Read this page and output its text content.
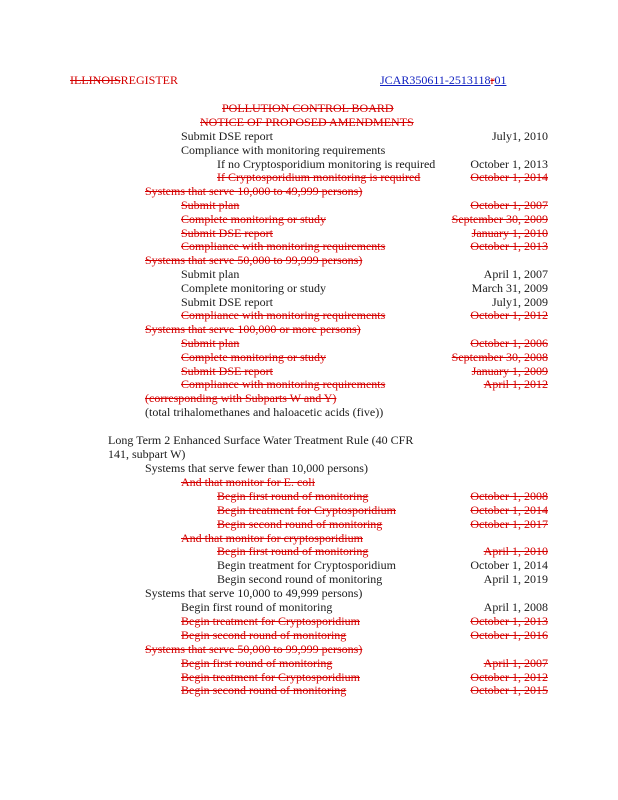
ILLINOISREGISTER	JCAR350611-2513118r01
POLLUTION CONTROL BOARD
NOTICE OF PROPOSED AMENDMENTS
Submit DSE report	July1, 2010
Compliance with monitoring requirements
If no Cryptosporidium monitoring is required	October 1, 2013
If Cryptosporidium monitoring is required	October 1, 2014
Systems that serve 10,000 to 49,999 persons)
Submit plan	October 1, 2007
Complete monitoring or study	September 30, 2009
Submit DSE report	January 1, 2010
Compliance with monitoring requirements	October 1, 2013
Systems that serve 50,000 to 99,999 persons)
Submit plan	April 1, 2007
Complete monitoring or study	March 31, 2009
Submit DSE report	July1, 2009
Compliance with monitoring requirements	October 1, 2012
Systems that serve 100,000 or more persons)
Submit plan	October 1, 2006
Complete monitoring or study	September 30, 2008
Submit DSE report	January 1, 2009
Compliance with monitoring requirements	April 1, 2012
(corresponding with Subparts W and Y)
(total trihalomethanes and haloacetic acids (five))
Long Term 2 Enhanced Surface Water Treatment Rule (40 CFR
141, subpart W)
Systems that serve fewer than 10,000 persons)
And that monitor for E. coli
Begin first round of monitoring	October 1, 2008
Begin treatment for Cryptosporidium	October 1, 2014
Begin second round of monitoring	October 1, 2017
And that monitor for cryptosporidium
Begin first round of monitoring	April 1, 2010
Begin treatment for Cryptosporidium	October 1, 2014
Begin second round of monitoring	April 1, 2019
Systems that serve 10,000 to 49,999 persons)
Begin first round of monitoring	April 1, 2008
Begin treatment for Cryptosporidium	October 1, 2013
Begin second round of monitoring	October 1, 2016
Systems that serve 50,000 to 99,999 persons)
Begin first round of monitoring	April 1, 2007
Begin treatment for Cryptosporidium	October 1, 2012
Begin second round of monitoring	October 1, 2015
